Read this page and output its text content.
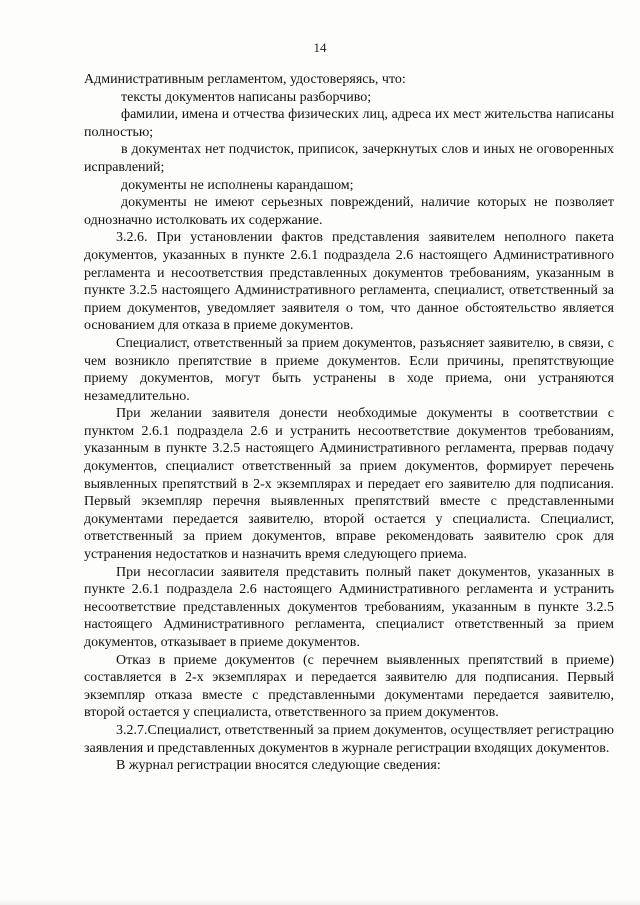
14

Административным регламентом, удостоверяясь, что:

тексты документов написаны разборчиво;

фамилии, имена и отчества физических лиц, адреса их мест жительства написаны полностью;

в документах нет подчисток, приписок, зачеркнутых слов и иных не оговоренных исправлений;

документы не исполнены карандашом;

документы не имеют серьезных повреждений, наличие которых не позволяет однозначно истолковать их содержание.

3.2.6. При установлении фактов представления заявителем неполного пакета документов, указанных в пункте 2.6.1 подраздела 2.6 настоящего Административного регламента и несоответствия представленных документов требованиям, указанным в пункте 3.2.5 настоящего Административного регламента, специалист, ответственный за прием документов, уведомляет заявителя о том, что данное обстоятельство является основанием для отказа в приеме документов.

Специалист, ответственный за прием документов, разъясняет заявителю, в связи, с чем возникло препятствие в приеме документов. Если причины, препятствующие приему документов, могут быть устранены в ходе приема, они устраняются незамедлительно.

При желании заявителя донести необходимые документы в соответствии с пунктом 2.6.1 подраздела 2.6 и устранить несоответствие документов требованиям, указанным в пункте 3.2.5 настоящего Административного регламента, прервав подачу документов, специалист ответственный за прием документов, формирует перечень выявленных препятствий в 2-х экземплярах и передает его заявителю для подписания. Первый экземпляр перечня выявленных препятствий вместе с представленными документами передается заявителю, второй остается у специалиста. Специалист, ответственный за прием документов, вправе рекомендовать заявителю срок для устранения недостатков и назначить время следующего приема.

При несогласии заявителя представить полный пакет документов, указанных в пункте 2.6.1 подраздела 2.6 настоящего Административного регламента и устранить несоответствие представленных документов требованиям, указанным в пункте 3.2.5 настоящего Административного регламента, специалист ответственный за прием документов, отказывает в приеме документов.

Отказ в приеме документов (с перечнем выявленных препятствий в приеме) составляется в 2-х экземплярах и передается заявителю для подписания. Первый экземпляр отказа вместе с представленными документами передается заявителю, второй остается у специалиста, ответственного за прием документов.

3.2.7.Специалист, ответственный за прием документов, осуществляет регистрацию заявления и представленных документов в журнале регистрации входящих документов.

В журнал регистрации вносятся следующие сведения:
